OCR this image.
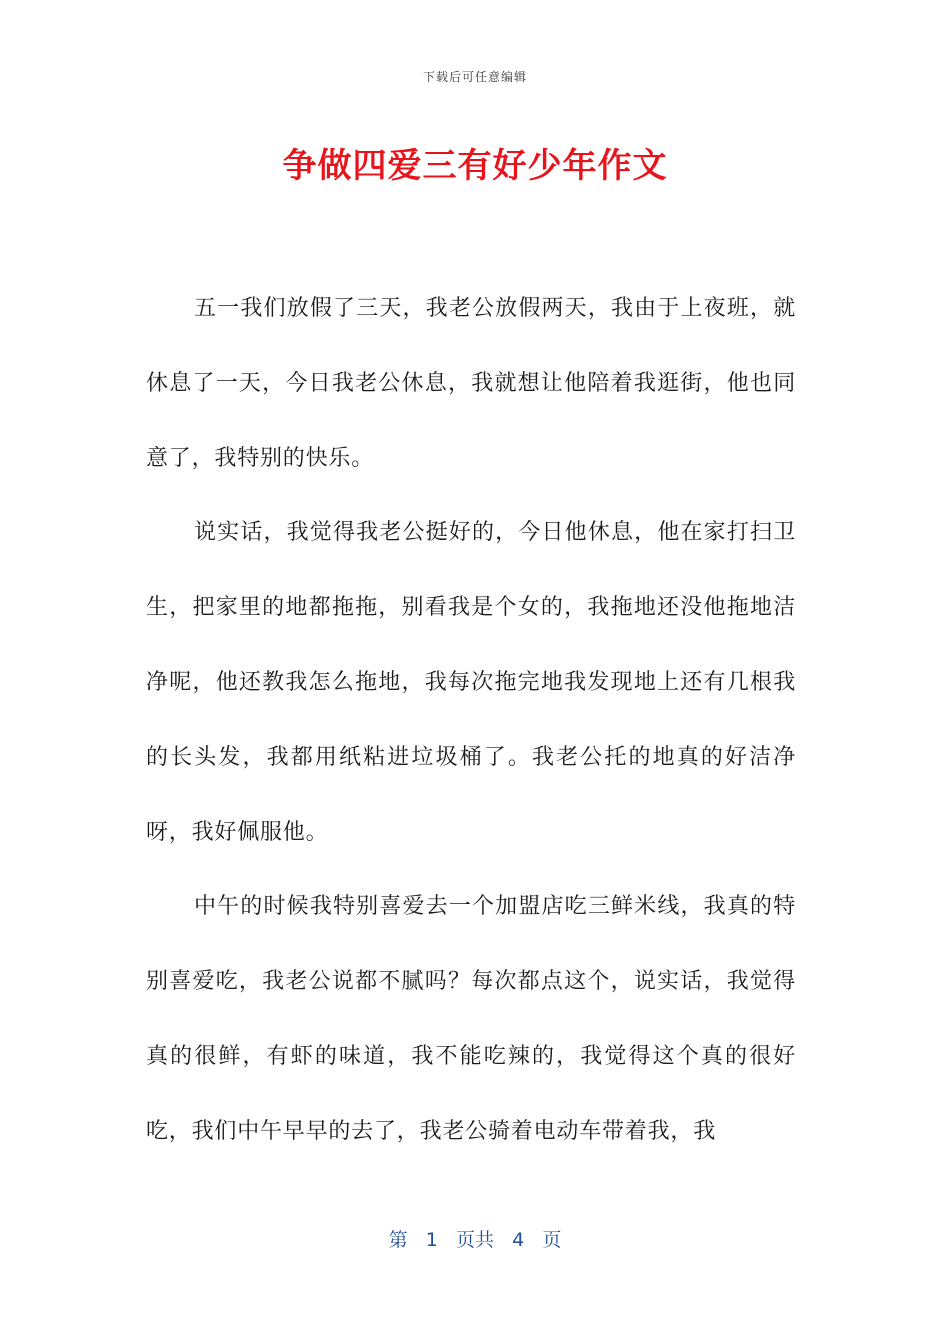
下载后可任意编辑
争做四爱三有好少年作文

五一我们放假了三天，我老公放假两天，我由于上夜班，就休息了一天，今日我老公休息，我就想让他陪着我逛街，他也同意了，我特别的快乐。

说实话，我觉得我老公挺好的，今日他休息，他在家打扫卫生，把家里的地都拖拖，别看我是个女的，我拖地还没他拖地洁净呢，他还教我怎么拖地，我每次拖完地我发现地上还有几根我的长头发，我都用纸粘进垃圾桶了。我老公托的地真的好洁净呀，我好佩服他。

中午的时候我特别喜爱去一个加盟店吃三鲜米线，我真的特别喜爱吃，我老公说都不腻吗？每次都点这个，说实话，我觉得真的很鲜，有虾的味道，我不能吃辣的，我觉得这个真的很好吃，我们中午早早的去了，我老公骑着电动车带着我，我

第 1 页共 4 页
